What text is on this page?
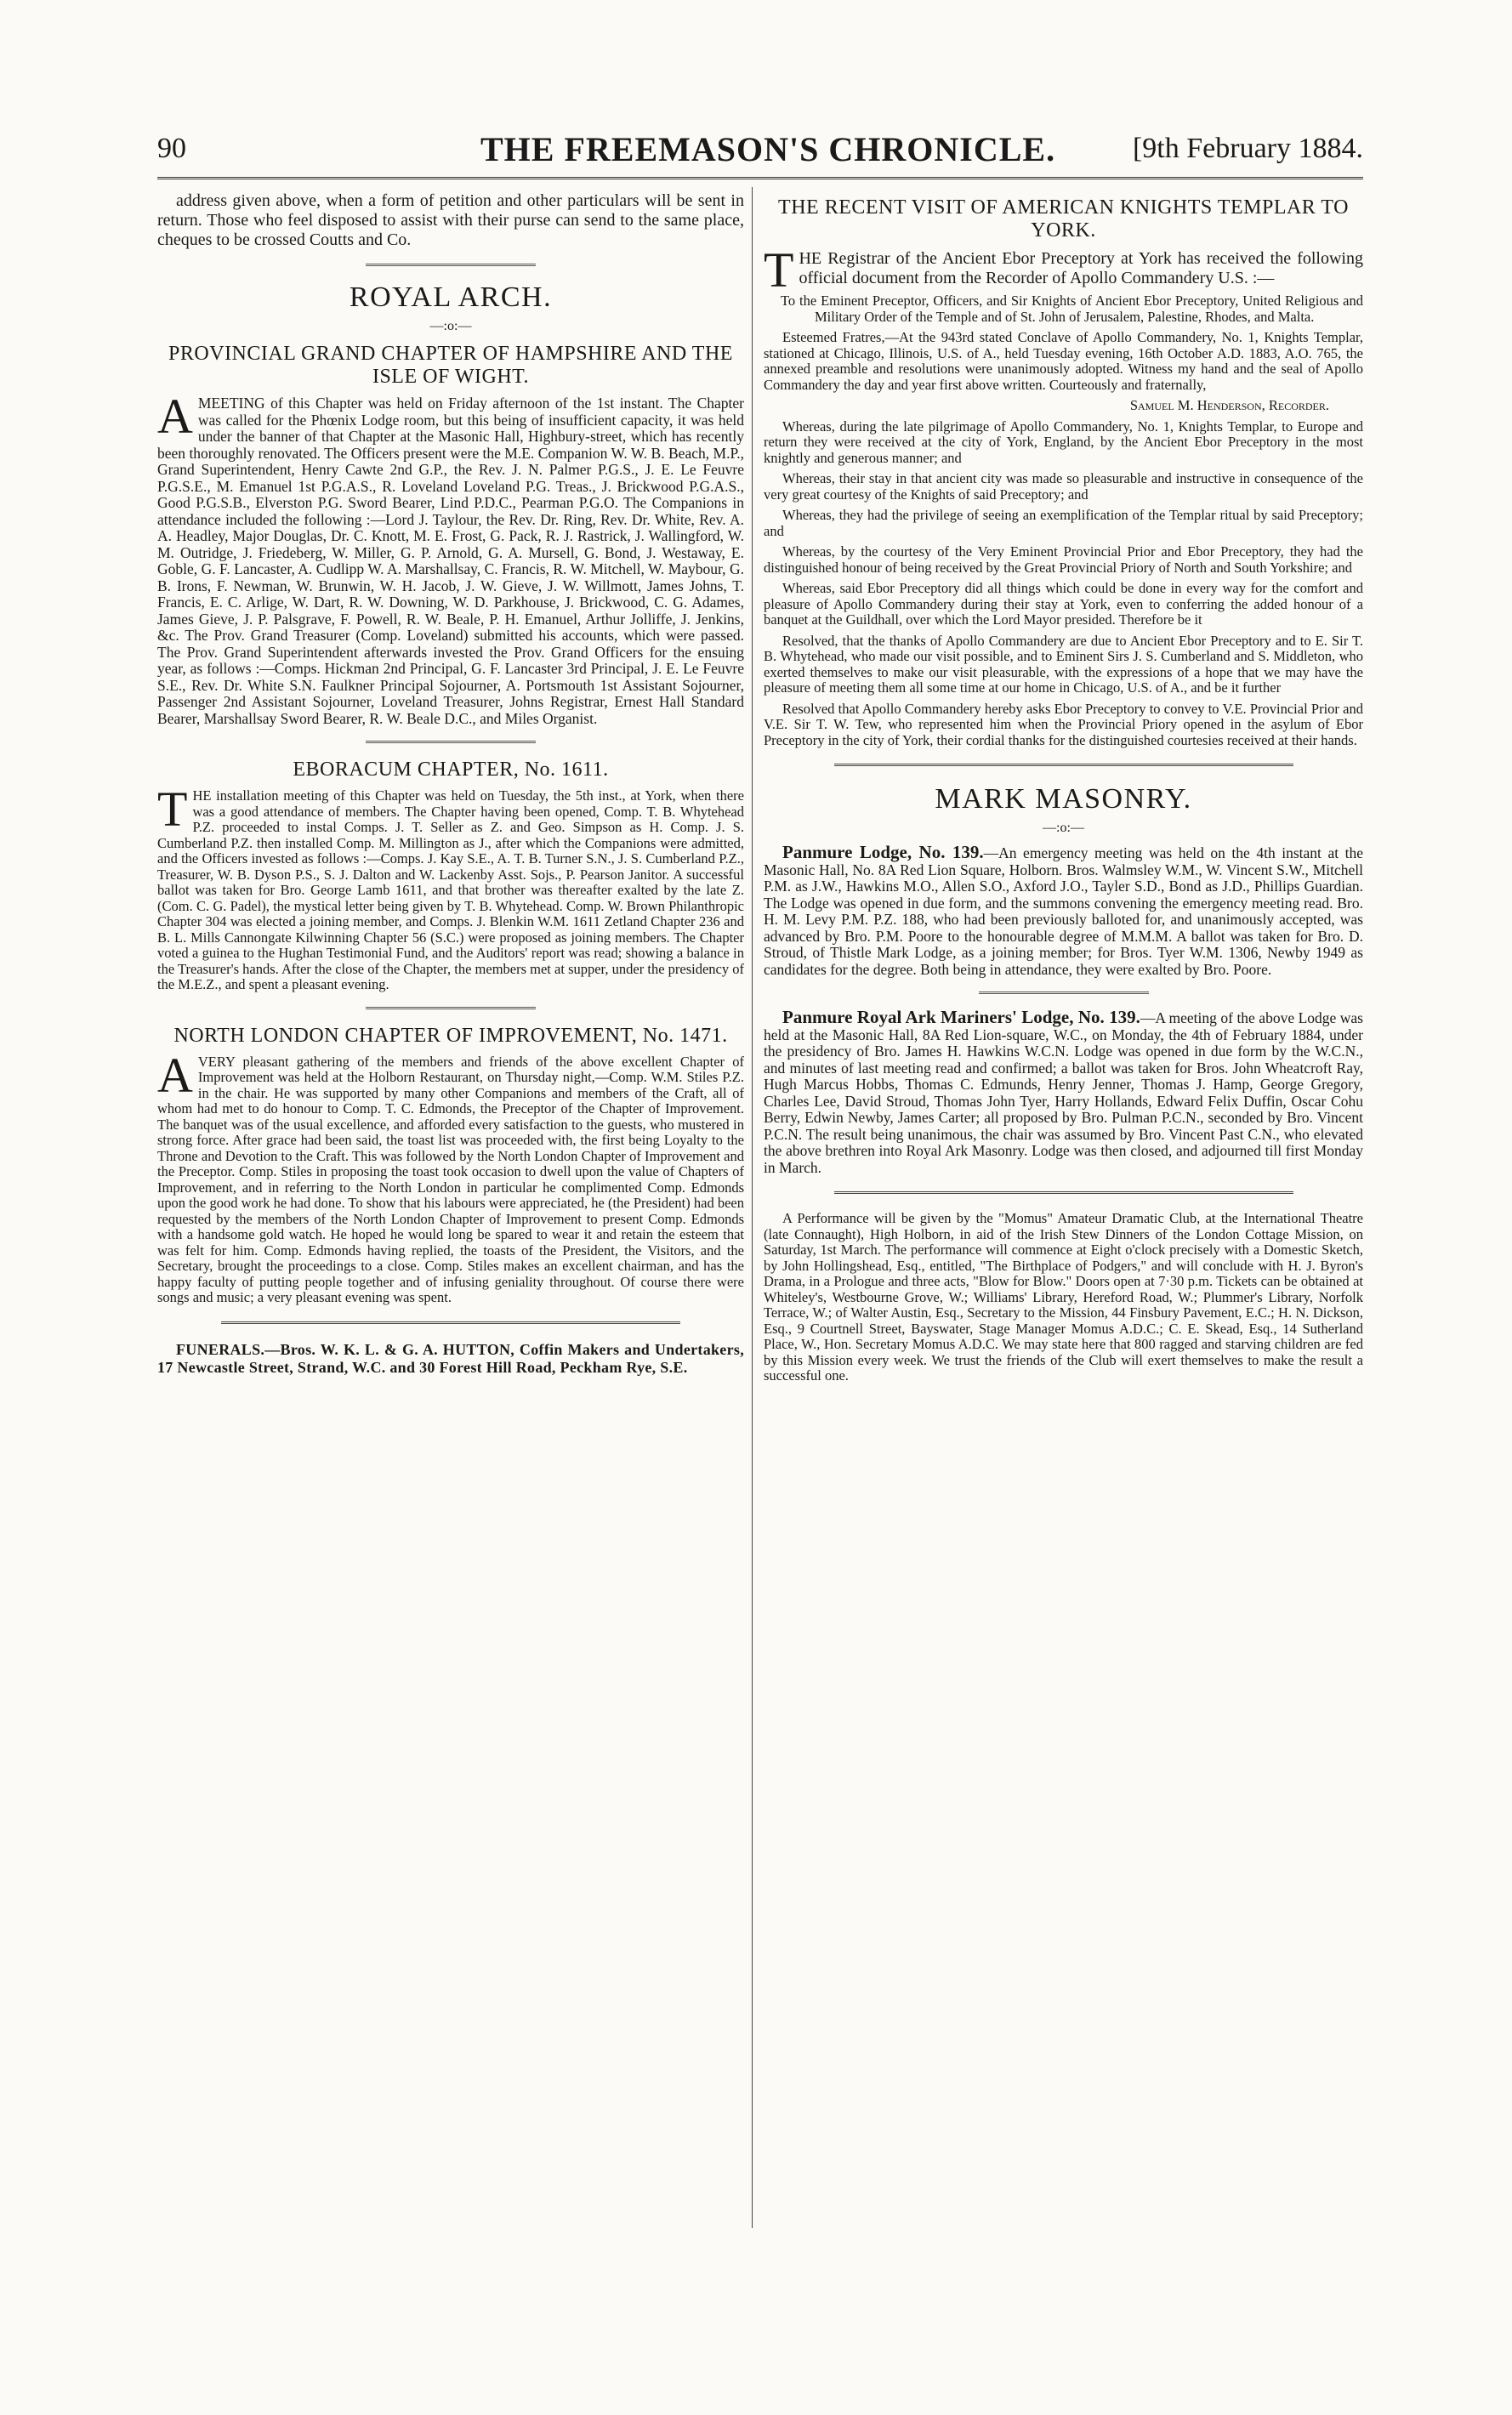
90	THE FREEMASON'S CHRONICLE.	[9th February 1884.

address given above, when a form of petition and other particulars will be sent in return. Those who feel disposed to assist with their purse can send to the same place, cheques to be crossed Coutts and Co.

ROYAL ARCH.
—:o:—
PROVINCIAL GRAND CHAPTER OF HAMPSHIRE AND THE ISLE OF WIGHT.

AMEETING of this Chapter was held on Friday afternoon of the 1st instant. The Chapter was called for the Phœnix Lodge room, but this being of insufficient capacity, it was held under the banner of that Chapter at the Masonic Hall, Highbury-street, which has recently been thoroughly renovated. The Officers present were the M.E. Companion W. W. B. Beach, M.P., Grand Superintendent, Henry Cawte 2nd G.P., the Rev. J. N. Palmer P.G.S., J. E. Le Feuvre P.G.S.E., M. Emanuel 1st P.G.A.S., R. Loveland Loveland P.G. Treas., J. Brickwood P.G.A.S., Good P.G.S.B., Elverston P.G. Sword Bearer, Lind P.D.C., Pearman P.G.O. The Companions in attendance included the following :—Lord J. Taylour, the Rev. Dr. Ring, Rev. Dr. White, Rev. A. A. Headley, Major Douglas, Dr. C. Knott, M. E. Frost, G. Pack, R. J. Rastrick, J. Wallingford, W. M. Outridge, J. Friedeberg, W. Miller, G. P. Arnold, G. A. Mursell, G. Bond, J. Westaway, E. Goble, G. F. Lancaster, A. Cudlipp W. A. Marshallsay, C. Francis, R. W. Mitchell, W. Maybour, G. B. Irons, F. Newman, W. Brunwin, W. H. Jacob, J. W. Gieve, J. W. Willmott, James Johns, T. Francis, E. C. Arlige, W. Dart, R. W. Downing, W. D. Parkhouse, J. Brickwood, C. G. Adames, James Gieve, J. P. Palsgrave, F. Powell, R. W. Beale, P. H. Emanuel, Arthur Jolliffe, J. Jenkins, &c. The Prov. Grand Treasurer (Comp. Loveland) submitted his accounts, which were passed. The Prov. Grand Superintendent afterwards invested the Prov. Grand Officers for the ensuing year, as follows :—Comps. Hickman 2nd Principal, G. F. Lancaster 3rd Principal, J. E. Le Feuvre S.E., Rev. Dr. White S.N. Faulkner Principal Sojourner, A. Portsmouth 1st Assistant Sojourner, Passenger 2nd Assistant Sojourner, Loveland Treasurer, Johns Registrar, Ernest Hall Standard Bearer, Marshallsay Sword Bearer, R. W. Beale D.C., and Miles Organist.

EBORACUM CHAPTER, No. 1611.

THE installation meeting of this Chapter was held on Tuesday, the 5th inst., at York, when there was a good attendance of members. The Chapter having been opened, Comp. T. B. Whytehead P.Z. proceeded to instal Comps. J. T. Seller as Z. and Geo. Simpson as H. Comp. J. S. Cumberland P.Z. then installed Comp. M. Millington as J., after which the Companions were admitted, and the Officers invested as follows :—Comps. J. Kay S.E., A. T. B. Turner S.N., J. S. Cumberland P.Z., Treasurer, W. B. Dyson P.S., S. J. Dalton and W. Lackenby Asst. Sojs., P. Pearson Janitor. A successful ballot was taken for Bro. George Lamb 1611, and that brother was thereafter exalted by the late Z. (Com. C. G. Padel), the mystical letter being given by T. B. Whytehead. Comp. W. Brown Philanthropic Chapter 304 was elected a joining member, and Comps. J. Blenkin W.M. 1611 Zetland Chapter 236 and B. L. Mills Cannongate Kilwinning Chapter 56 (S.C.) were proposed as joining members. The Chapter voted a guinea to the Hughan Testimonial Fund, and the Auditors' report was read; showing a balance in the Treasurer's hands. After the close of the Chapter, the members met at supper, under the presidency of the M.E.Z., and spent a pleasant evening.

NORTH LONDON CHAPTER OF IMPROVEMENT, No. 1471.

AVERY pleasant gathering of the members and friends of the above excellent Chapter of Improvement was held at the Holborn Restaurant, on Thursday night,—Comp. W.M. Stiles P.Z. in the chair. He was supported by many other Companions and members of the Craft, all of whom had met to do honour to Comp. T. C. Edmonds, the Preceptor of the Chapter of Improvement. The banquet was of the usual excellence, and afforded every satisfaction to the guests, who mustered in strong force. After grace had been said, the toast list was proceeded with, the first being Loyalty to the Throne and Devotion to the Craft. This was followed by the North London Chapter of Improvement and the Preceptor. Comp. Stiles in proposing the toast took occasion to dwell upon the value of Chapters of Improvement, and in referring to the North London in particular he complimented Comp. Edmonds upon the good work he had done. To show that his labours were appreciated, he (the President) had been requested by the members of the North London Chapter of Improvement to present Comp. Edmonds with a handsome gold watch. He hoped he would long be spared to wear it and retain the esteem that was felt for him. Comp. Edmonds having replied, the toasts of the President, the Visitors, and the Secretary, brought the proceedings to a close. Comp. Stiles makes an excellent chairman, and has the happy faculty of putting people together and of infusing geniality throughout. Of course there were songs and music; a very pleasant evening was spent.

FUNERALS.—Bros. W. K. L. & G. A. HUTTON, Coffin Makers and Undertakers, 17 Newcastle Street, Strand, W.C. and 30 Forest Hill Road, Peckham Rye, S.E.

THE RECENT VISIT OF AMERICAN KNIGHTS TEMPLAR TO YORK.

THE Registrar of the Ancient Ebor Preceptory at York has received the following official document from the Recorder of Apollo Commandery U.S. :—

To the Eminent Preceptor, Officers, and Sir Knights of Ancient Ebor Preceptory, United Religious and Military Order of the Temple and of St. John of Jerusalem, Palestine, Rhodes, and Malta.

Esteemed Fratres,—At the 943rd stated Conclave of Apollo Commandery, No. 1, Knights Templar, stationed at Chicago, Illinois, U.S. of A., held Tuesday evening, 16th October A.D. 1883, A.O. 765, the annexed preamble and resolutions were unanimously adopted. Witness my hand and the seal of Apollo Commandery the day and year first above written. Courteously and fraternally,

Samuel M. Henderson, Recorder.

Whereas, during the late pilgrimage of Apollo Commandery, No. 1, Knights Templar, to Europe and return they were received at the city of York, England, by the Ancient Ebor Preceptory in the most knightly and generous manner; and

Whereas, their stay in that ancient city was made so pleasurable and instructive in consequence of the very great courtesy of the Knights of said Preceptory; and

Whereas, they had the privilege of seeing an exemplification of the Templar ritual by said Preceptory; and

Whereas, by the courtesy of the Very Eminent Provincial Prior and Ebor Preceptory, they had the distinguished honour of being received by the Great Provincial Priory of North and South Yorkshire; and

Whereas, said Ebor Preceptory did all things which could be done in every way for the comfort and pleasure of Apollo Commandery during their stay at York, even to conferring the added honour of a banquet at the Guildhall, over which the Lord Mayor presided. Therefore be it

Resolved, that the thanks of Apollo Commandery are due to Ancient Ebor Preceptory and to E. Sir T. B. Whytehead, who made our visit possible, and to Eminent Sirs J. S. Cumberland and S. Middleton, who exerted themselves to make our visit pleasurable, with the expressions of a hope that we may have the pleasure of meeting them all some time at our home in Chicago, U.S. of A., and be it further

Resolved that Apollo Commandery hereby asks Ebor Preceptory to convey to V.E. Provincial Prior and V.E. Sir T. W. Tew, who represented him when the Provincial Priory opened in the asylum of Ebor Preceptory in the city of York, their cordial thanks for the distinguished courtesies received at their hands.

MARK MASONRY.
—:o:—

Panmure Lodge, No. 139.—An emergency meeting was held on the 4th instant at the Masonic Hall, No. 8A Red Lion Square, Holborn. Bros. Walmsley W.M., W. Vincent S.W., Mitchell P.M. as J.W., Hawkins M.O., Allen S.O., Axford J.O., Tayler S.D., Bond as J.D., Phillips Guardian. The Lodge was opened in due form, and the summons convening the emergency meeting read. Bro. H. M. Levy P.M. P.Z. 188, who had been previously balloted for, and unanimously accepted, was advanced by Bro. P.M. Poore to the honourable degree of M.M.M. A ballot was taken for Bro. D. Stroud, of Thistle Mark Lodge, as a joining member; for Bros. Tyer W.M. 1306, Newby 1949 as candidates for the degree. Both being in attendance, they were exalted by Bro. Poore.

Panmure Royal Ark Mariners' Lodge, No. 139.—A meeting of the above Lodge was held at the Masonic Hall, 8A Red Lion-square, W.C., on Monday, the 4th of February 1884, under the presidency of Bro. James H. Hawkins W.C.N. Lodge was opened in due form by the W.C.N., and minutes of last meeting read and confirmed; a ballot was taken for Bros. John Wheatcroft Ray, Hugh Marcus Hobbs, Thomas C. Edmunds, Henry Jenner, Thomas J. Hamp, George Gregory, Charles Lee, David Stroud, Thomas John Tyer, Harry Hollands, Edward Felix Duffin, Oscar Cohu Berry, Edwin Newby, James Carter; all proposed by Bro. Pulman P.C.N., seconded by Bro. Vincent P.C.N. The result being unanimous, the chair was assumed by Bro. Vincent Past C.N., who elevated the above brethren into Royal Ark Masonry. Lodge was then closed, and adjourned till first Monday in March.

A Performance will be given by the "Momus" Amateur Dramatic Club, at the International Theatre (late Connaught), High Holborn, in aid of the Irish Stew Dinners of the London Cottage Mission, on Saturday, 1st March. The performance will commence at Eight o'clock precisely with a Domestic Sketch, by John Hollingshead, Esq., entitled, "The Birthplace of Podgers," and will conclude with H. J. Byron's Drama, in a Prologue and three acts, "Blow for Blow." Doors open at 7·30 p.m. Tickets can be obtained at Whiteley's, Westbourne Grove, W.; Williams' Library, Hereford Road, W.; Plummer's Library, Norfolk Terrace, W.; of Walter Austin, Esq., Secretary to the Mission, 44 Finsbury Pavement, E.C.; H. N. Dickson, Esq., 9 Courtnell Street, Bayswater, Stage Manager Momus A.D.C.; C. E. Skead, Esq., 14 Sutherland Place, W., Hon. Secretary Momus A.D.C. We may state here that 800 ragged and starving children are fed by this Mission every week. We trust the friends of the Club will exert themselves to make the result a successful one.
